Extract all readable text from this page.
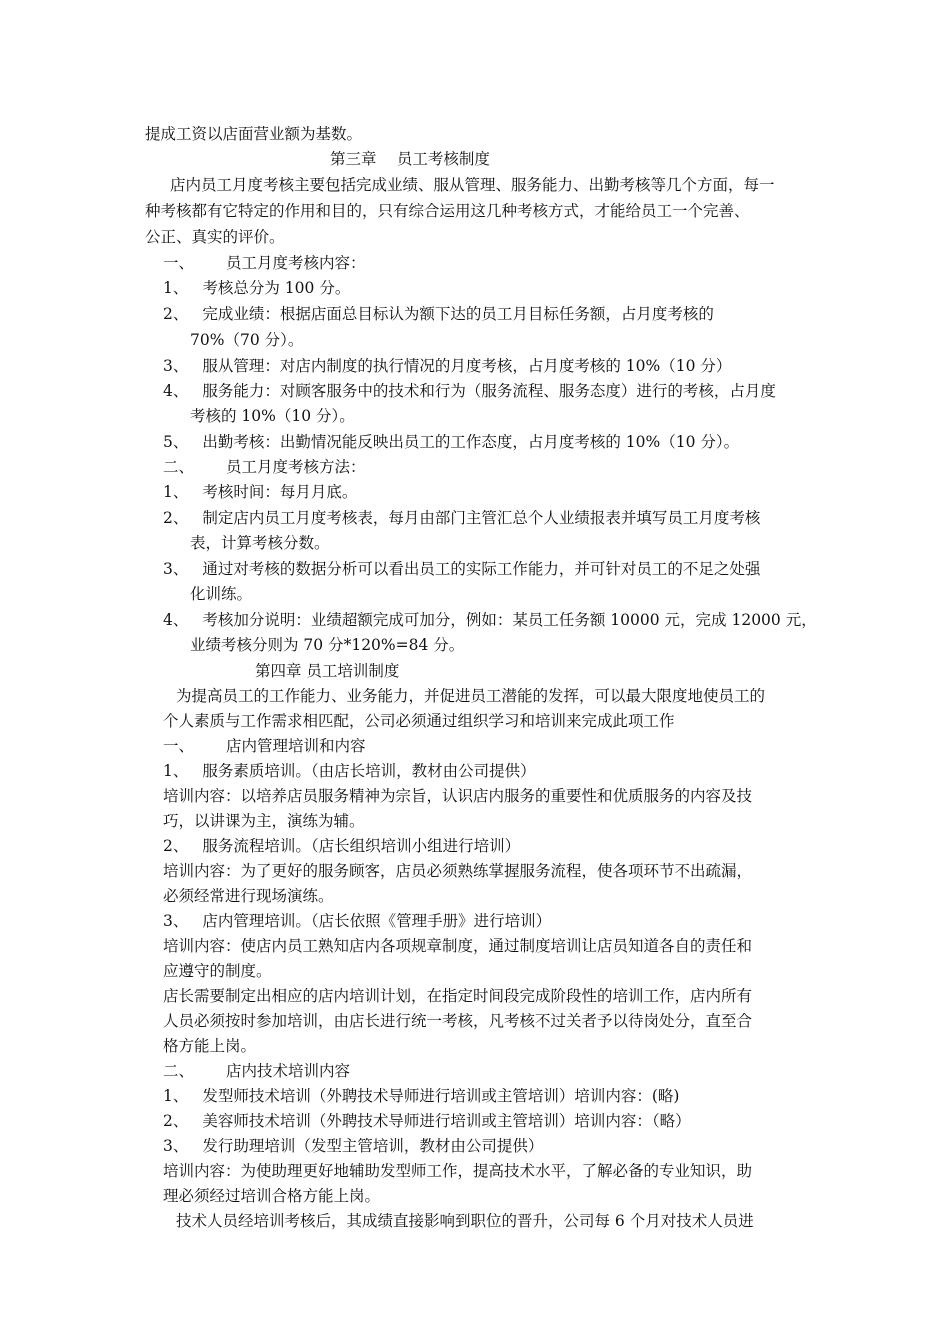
提成工资以店面营业额为基数。
第三章　 员工考核制度
店内员工月度考核主要包括完成业绩、服从管理、服务能力、出勤考核等几个方面，每一
种考核都有它特定的作用和目的，只有综合运用这几种考核方式，才能给员工一个完善、
公正、真实的评价。
一、 员工月度考核内容：
1、 考核总分为 100 分。
2、 完成业绩：根据店面总目标认为额下达的员工月目标任务额，占月度考核的
70%（70 分）。
3、 服从管理：对店内制度的执行情况的月度考核，占月度考核的 10%（10 分）
4、 服务能力：对顾客服务中的技术和行为（服务流程、服务态度）进行的考核，占月度
考核的 10%（10 分）。
5、 出勤考核：出勤情况能反映出员工的工作态度，占月度考核的 10%（10 分）。
二、 员工月度考核方法：
1、 考核时间：每月月底。
2、 制定店内员工月度考核表，每月由部门主管汇总个人业绩报表并填写员工月度考核
表，计算考核分数。
3、 通过对考核的数据分析可以看出员工的实际工作能力，并可针对员工的不足之处强
化训练。
4、 考核加分说明：业绩超额完成可加分，例如：某员工任务额 10000 元，完成 12000 元，
业绩考核分则为 70 分*120%=84 分。
第四章 员工培训制度
为提高员工的工作能力、业务能力，并促进员工潜能的发挥，可以最大限度地使员工的
个人素质与工作需求相匹配，公司必须通过组织学习和培训来完成此项工作
一、 店内管理培训和内容
1、 服务素质培训。（由店长培训，教材由公司提供）
培训内容：以培养店员服务精神为宗旨，认识店内服务的重要性和优质服务的内容及技
巧，以讲课为主，演练为辅。
2、 服务流程培训。（店长组织培训小组进行培训）
培训内容：为了更好的服务顾客，店员必须熟练掌握服务流程，使各项环节不出疏漏，
必须经常进行现场演练。
3、 店内管理培训。（店长依照《管理手册》进行培训）
培训内容：使店内员工熟知店内各项规章制度，通过制度培训让店员知道各自的责任和
应遵守的制度。
店长需要制定出相应的店内培训计划，在指定时间段完成阶段性的培训工作，店内所有
人员必须按时参加培训，由店长进行统一考核，凡考核不过关者予以待岗处分，直至合
格方能上岗。
二、 店内技术培训内容
1、 发型师技术培训（外聘技术导师进行培训或主管培训）培训内容：(略)
2、 美容师技术培训（外聘技术导师进行培训或主管培训）培训内容：（略）
3、 发行助理培训（发型主管培训，教材由公司提供）
培训内容：为使助理更好地辅助发型师工作，提高技术水平，了解必备的专业知识，助
理必须经过培训合格方能上岗。
技术人员经培训考核后，其成绩直接影响到职位的晋升，公司每 6 个月对技术人员进
